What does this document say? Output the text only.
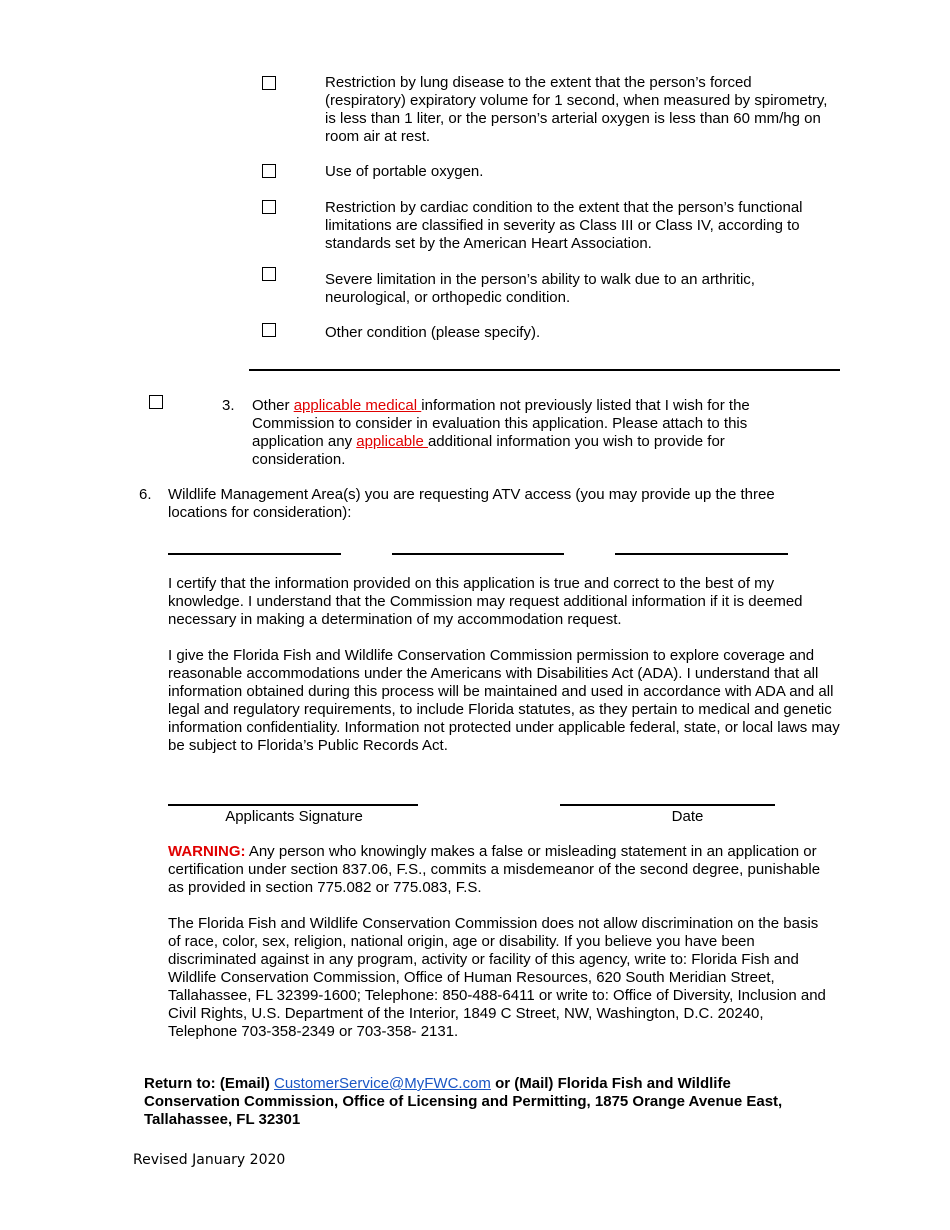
Restriction by lung disease to the extent that the person’s forced (respiratory) expiratory volume for 1 second, when measured by spirometry, is less than 1 liter, or the person’s arterial oxygen is less than 60 mm/hg on room air at rest.
Use of portable oxygen.
Restriction by cardiac condition to the extent that the person’s functional limitations are classified in severity as Class III or Class IV, according to standards set by the American Heart Association.
Severe limitation in the person’s ability to walk due to an arthritic, neurological, or orthopedic condition.
Other condition (please specify).
3. Other applicable medical information not previously listed that I wish for the Commission to consider in evaluation this application. Please attach to this application any applicable additional information you wish to provide for consideration.
6. Wildlife Management Area(s) you are requesting ATV access (you may provide up the three locations for consideration):
I certify that the information provided on this application is true and correct to the best of my knowledge. I understand that the Commission may request additional information if it is deemed necessary in making a determination of my accommodation request.
I give the Florida Fish and Wildlife Conservation Commission permission to explore coverage and reasonable accommodations under the Americans with Disabilities Act (ADA). I understand that all information obtained during this process will be maintained and used in accordance with ADA and all legal and regulatory requirements, to include Florida statutes, as they pertain to medical and genetic information confidentiality. Information not protected under applicable federal, state, or local laws may be subject to Florida’s Public Records Act.
Applicants Signature	Date
WARNING: Any person who knowingly makes a false or misleading statement in an application or certification under section 837.06, F.S., commits a misdemeanor of the second degree, punishable as provided in section 775.082 or 775.083, F.S.
The Florida Fish and Wildlife Conservation Commission does not allow discrimination on the basis of race, color, sex, religion, national origin, age or disability. If you believe you have been discriminated against in any program, activity or facility of this agency, write to: Florida Fish and Wildlife Conservation Commission, Office of Human Resources, 620 South Meridian Street, Tallahassee, FL 32399-1600; Telephone: 850-488-6411 or write to: Office of Diversity, Inclusion and Civil Rights, U.S. Department of the Interior, 1849 C Street, NW, Washington, D.C. 20240, Telephone 703-358-2349 or 703-358- 2131.
Return to: (Email) CustomerService@MyFWC.com or (Mail) Florida Fish and Wildlife Conservation Commission, Office of Licensing and Permitting, 1875 Orange Avenue East, Tallahassee, FL 32301
Revised January 2020
